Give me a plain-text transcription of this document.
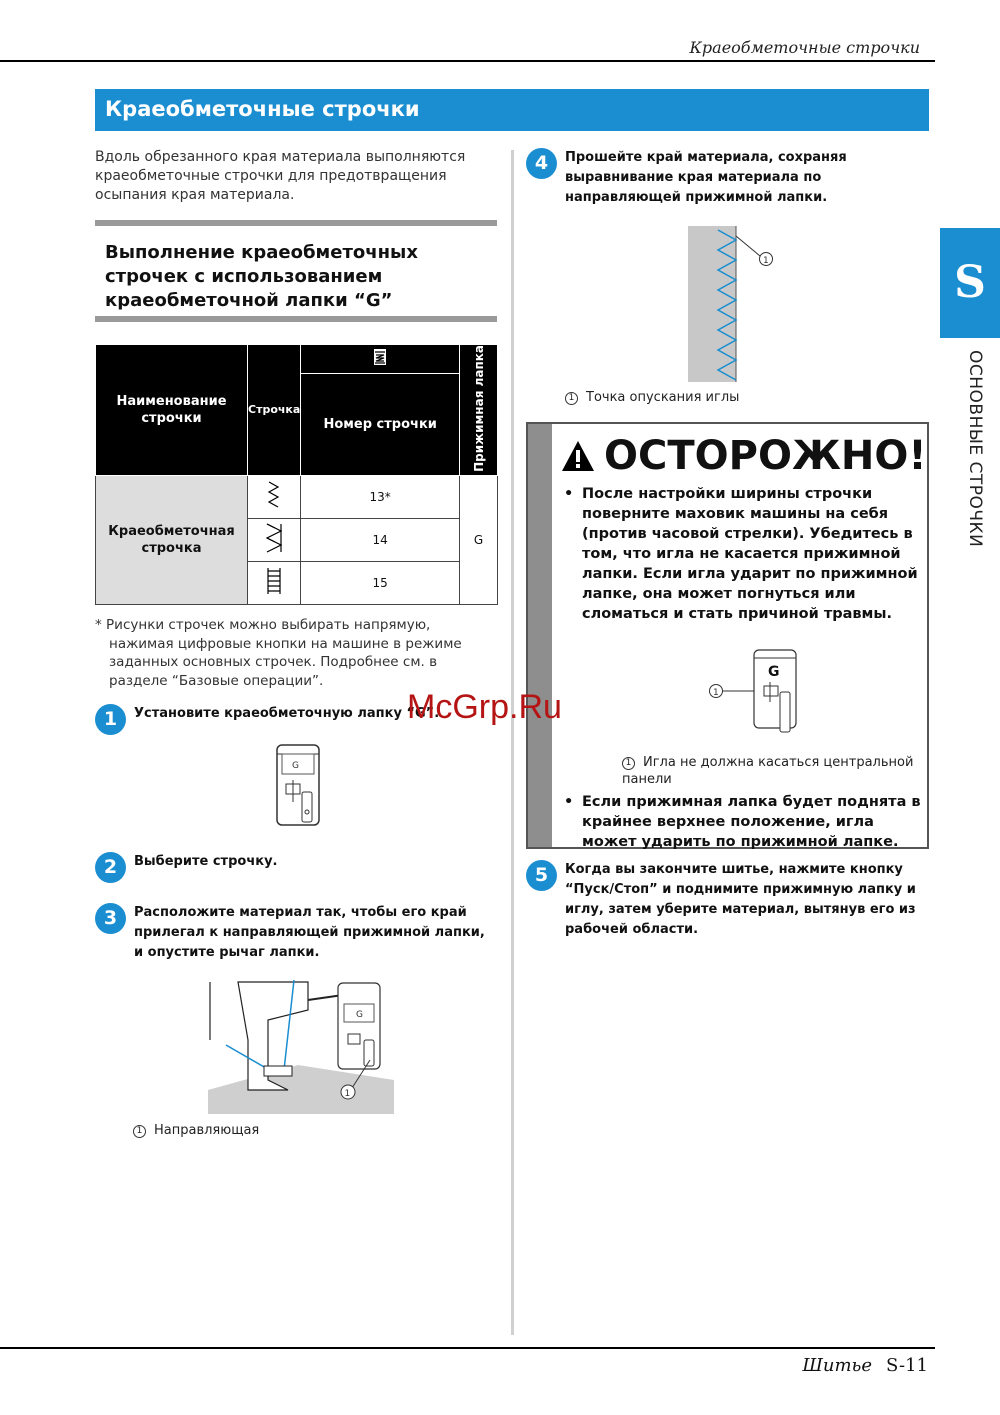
Краеобметочные строчки
Краеобметочные строчки
S
ОСНОВНЫЕ СТРОЧКИ

Вдоль обрезанного края материала выполняются краеобметочные строчки для предотвращения осыпания края материала.

Выполнение краеобметочных строчек с использованием краеобметочной лапки “G”
Наименование строчки	Строчка		Прижимная лапка
		Номер строчки	
Краеобметочная строчка		13*	G
	14	
	15	

* Рисунки строчек можно выбирать напрямую, нажимая цифровые кнопки на машине в режиме заданных основных строчек. Подробнее см. в разделе “Базовые операции”.

1	Установите краеобметочную лапку “G”.
G
2	Выберите строчку.
3	Расположите материал так, чтобы его край прилегал к направляющей прижимной лапки, и опустите рычаг лапки.
G
1
1 Направляющая
4	Прошейте край материала, сохраняя выравнивание края материала по направляющей прижимной лапки.
1
1 Точка опускания иглы
ОСТОРОЖНО!
• После настройки ширины строчки поверните маховик машины на себя (против часовой стрелки). Убедитесь в том, что игла не касается прижимной лапки. Если игла ударит по прижимной лапке, она может погнуться или сломаться и стать причиной травмы.
1
G
1 Игла не должна касаться центральной панели
• Если прижимная лапка будет поднята в крайнее верхнее положение, игла может ударить по прижимной лапке.
5	Когда вы закончите шитье, нажмите кнопку “Пуск/Стоп” и поднимите прижимную лапку и иглу, затем уберите материал, вытянув его из рабочей области.
McGrp.Ru
Шитье S-11
